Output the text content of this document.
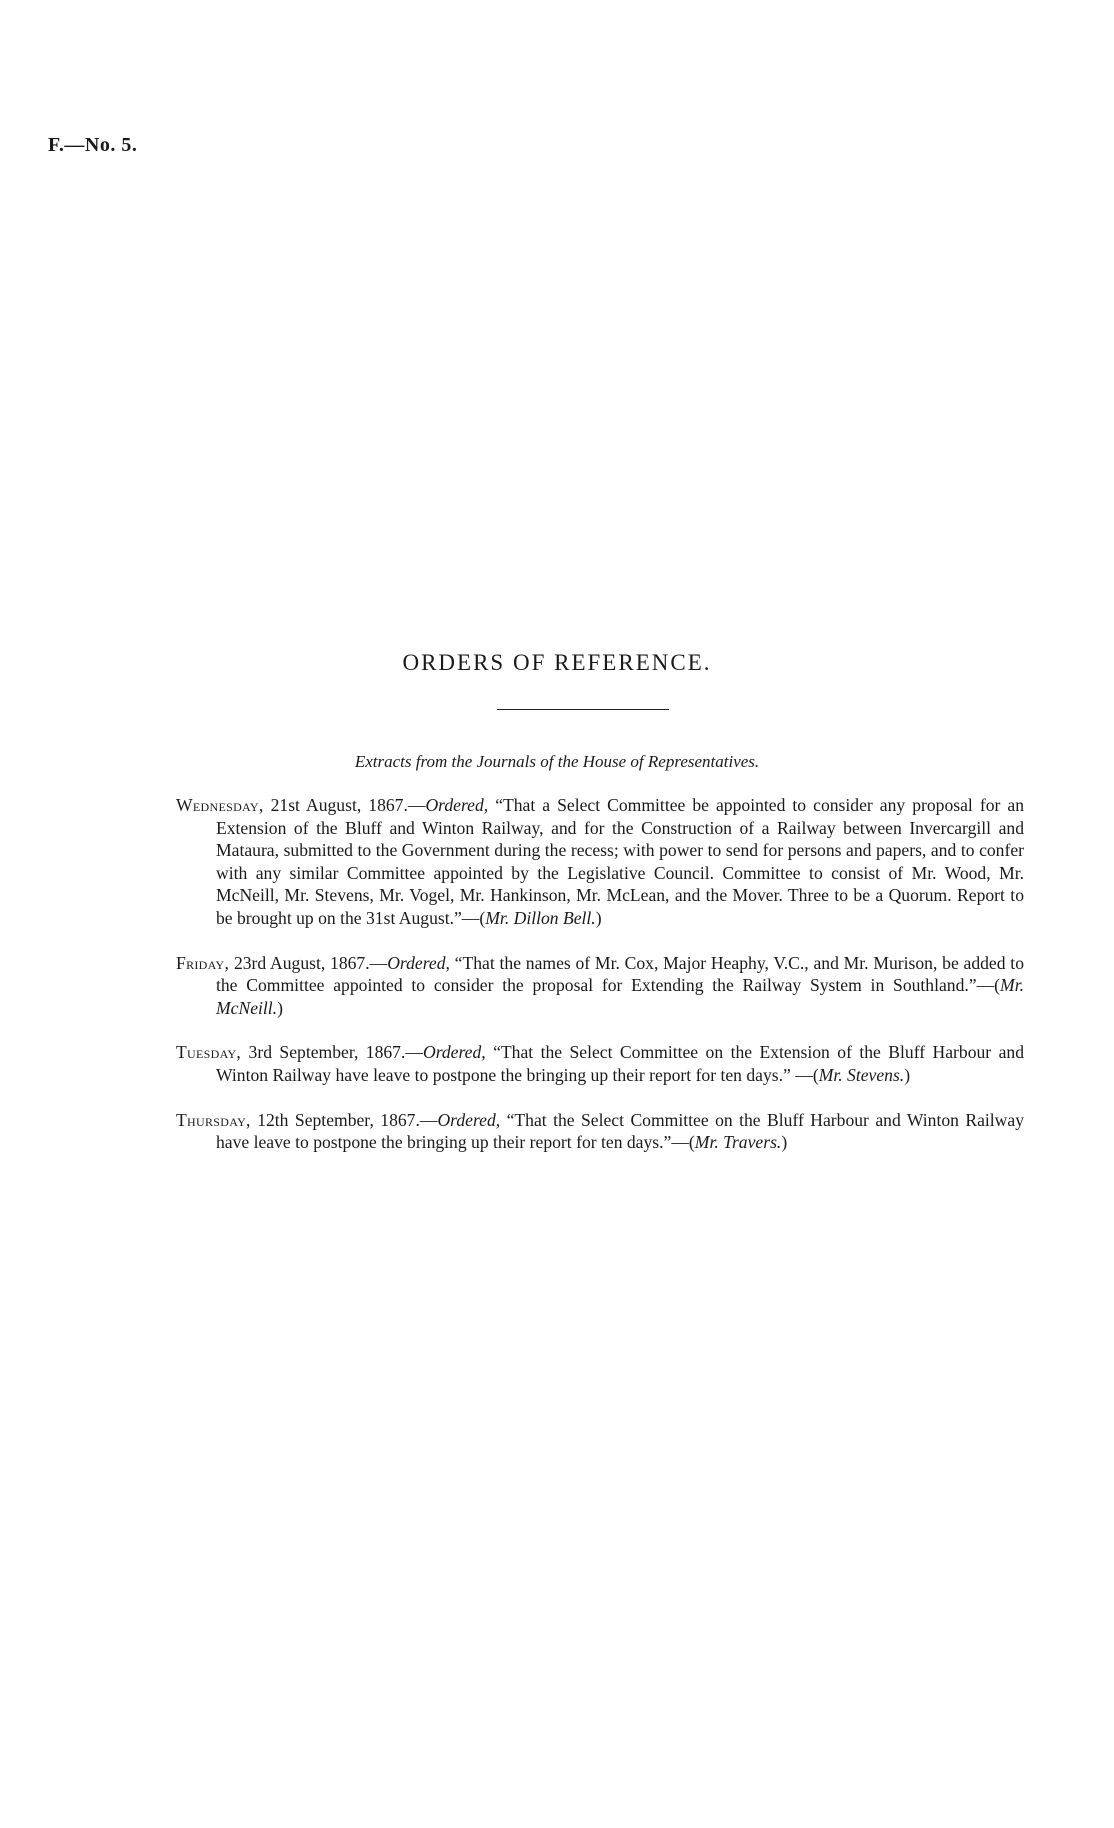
F.—No. 5.
ORDERS OF REFERENCE.
Extracts from the Journals of the House of Representatives.

Wednesday, 21st August, 1867.—Ordered, “That a Select Committee be appointed to consider any proposal for an Extension of the Bluff and Winton Railway, and for the Construction of a Railway between Invercargill and Mataura, submitted to the Government during the recess; with power to send for persons and papers, and to confer with any similar Committee appointed by the Legislative Council. Committee to consist of Mr. Wood, Mr. McNeill, Mr. Stevens, Mr. Vogel, Mr. Hankinson, Mr. McLean, and the Mover. Three to be a Quorum. Report to be brought up on the 31st August.”—(Mr. Dillon Bell.)

Friday, 23rd August, 1867.—Ordered, “That the names of Mr. Cox, Major Heaphy, V.C., and Mr. Murison, be added to the Committee appointed to consider the proposal for Extending the Railway System in Southland.”—(Mr. McNeill.)

Tuesday, 3rd September, 1867.—Ordered, “That the Select Committee on the Extension of the Bluff Harbour and Winton Railway have leave to postpone the bringing up their report for ten days.” —(Mr. Stevens.)

Thursday, 12th September, 1867.—Ordered, “That the Select Committee on the Bluff Harbour and Winton Railway have leave to postpone the bringing up their report for ten days.”—(Mr. Travers.)
